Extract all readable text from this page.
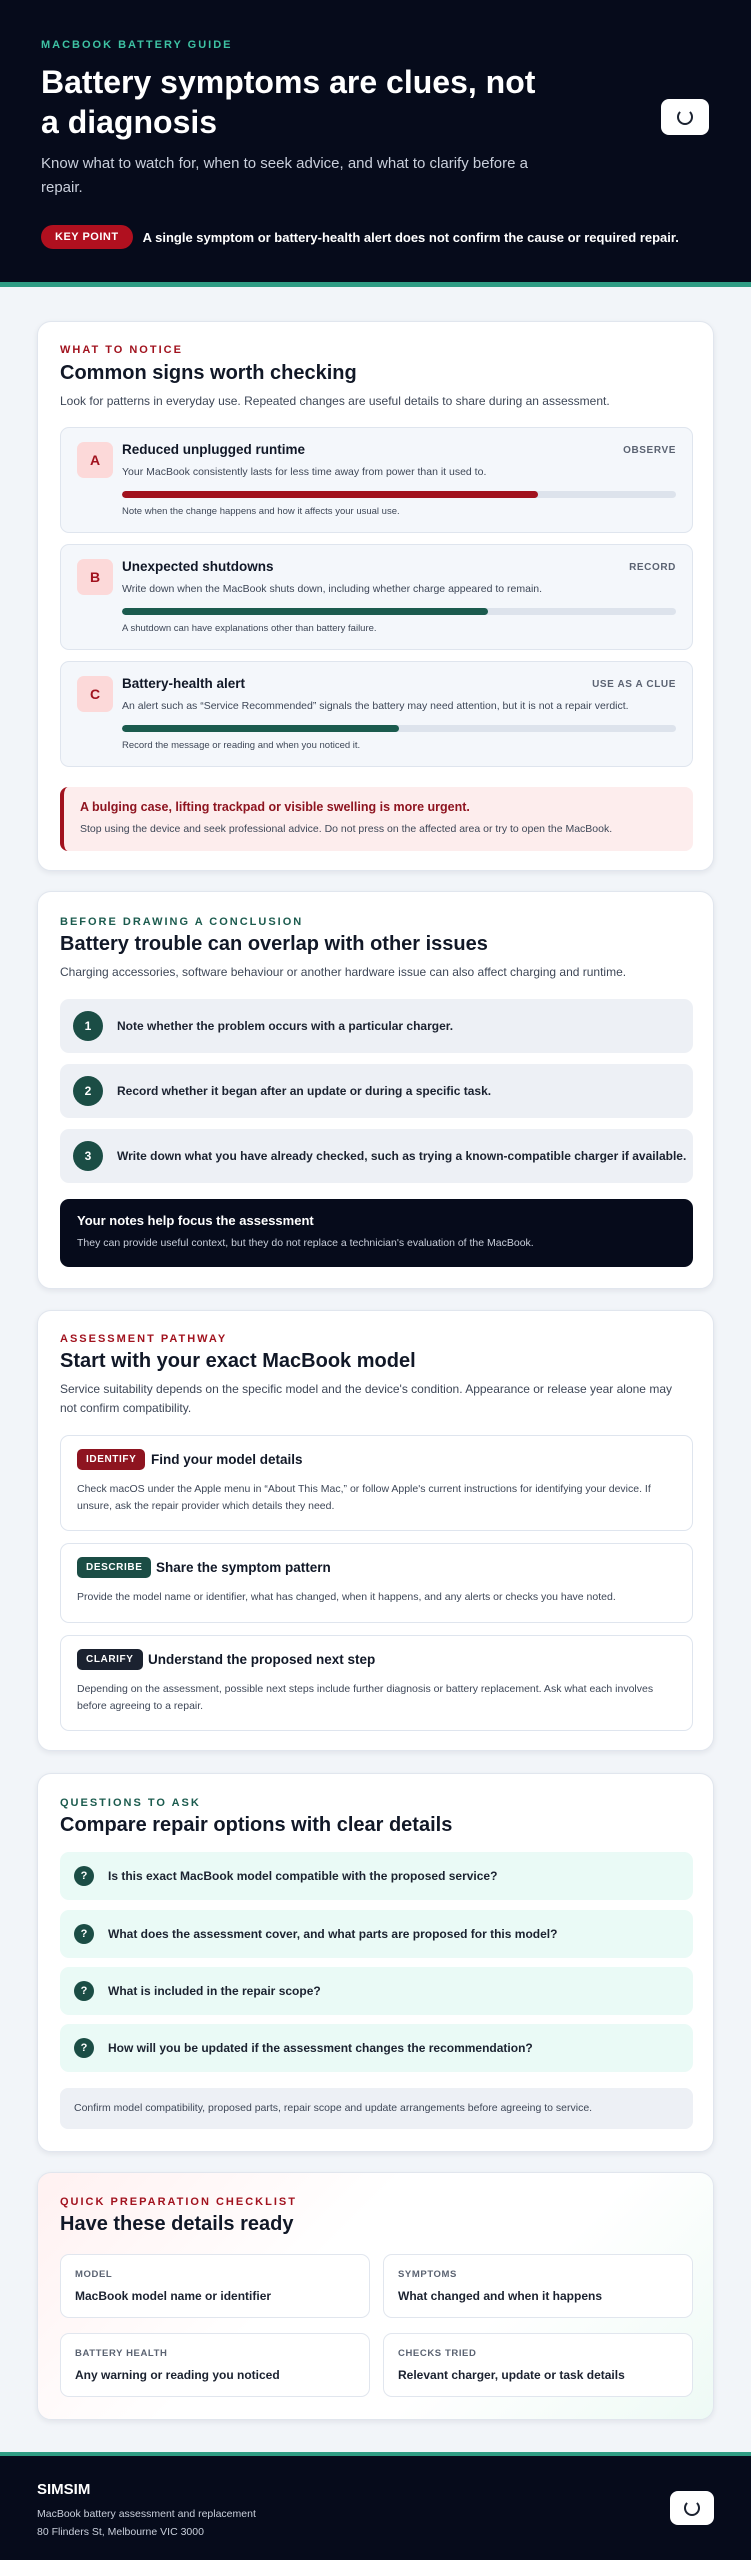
MACBOOK BATTERY GUIDE
Battery symptoms are clues, not a diagnosis

Know what to watch for, when to seek advice, and what to clarify before a repair.

KEY POINT	A single symptom or battery-health alert does not confirm the cause or required repair.
WHAT TO NOTICE
Common signs worth checking

Look for patterns in everyday use. Repeated changes are useful details to share during an assessment.

A
Reduced unplugged runtime	OBSERVE
Your MacBook consistently lasts for less time away from power than it used to.
Note when the change happens and how it affects your usual use.
B
Unexpected shutdowns	RECORD
Write down when the MacBook shuts down, including whether charge appeared to remain.
A shutdown can have explanations other than battery failure.
C
Battery-health alert	USE AS A CLUE
An alert such as “Service Recommended” signals the battery may need attention, but it is not a repair verdict.
Record the message or reading and when you noticed it.
A bulging case, lifting trackpad or visible swelling is more urgent.
Stop using the device and seek professional advice. Do not press on the affected area or try to open the MacBook.
BEFORE DRAWING A CONCLUSION
Battery trouble can overlap with other issues

Charging accessories, software behaviour or another hardware issue can also affect charging and runtime.

1	Note whether the problem occurs with a particular charger.
2	Record whether it began after an update or during a specific task.
3	Write down what you have already checked, such as trying a known-compatible charger if available.
Your notes help focus the assessment
They can provide useful context, but they do not replace a technician's evaluation of the MacBook.
ASSESSMENT PATHWAY
Start with your exact MacBook model

Service suitability depends on the specific model and the device's condition. Appearance or release year alone may not confirm compatibility.

IDENTIFY	Find your model details
Check macOS under the Apple menu in “About This Mac,” or follow Apple's current instructions for identifying your device. If unsure, ask the repair provider which details they need.
DESCRIBE	Share the symptom pattern
Provide the model name or identifier, what has changed, when it happens, and any alerts or checks you have noted.
CLARIFY	Understand the proposed next step
Depending on the assessment, possible next steps include further diagnosis or battery replacement. Ask what each involves before agreeing to a repair.
QUESTIONS TO ASK
Compare repair options with clear details
?	Is this exact MacBook model compatible with the proposed service?
?	What does the assessment cover, and what parts are proposed for this model?
?	What is included in the repair scope?
?	How will you be updated if the assessment changes the recommendation?
Confirm model compatibility, proposed parts, repair scope and update arrangements before agreeing to service.
QUICK PREPARATION CHECKLIST
Have these details ready
MODEL
MacBook model name or identifier
SYMPTOMS
What changed and when it happens
BATTERY HEALTH
Any warning or reading you noticed
CHECKS TRIED
Relevant charger, update or task details
SIMSIM
MacBook battery assessment and replacement
80 Flinders St, Melbourne VIC 3000
